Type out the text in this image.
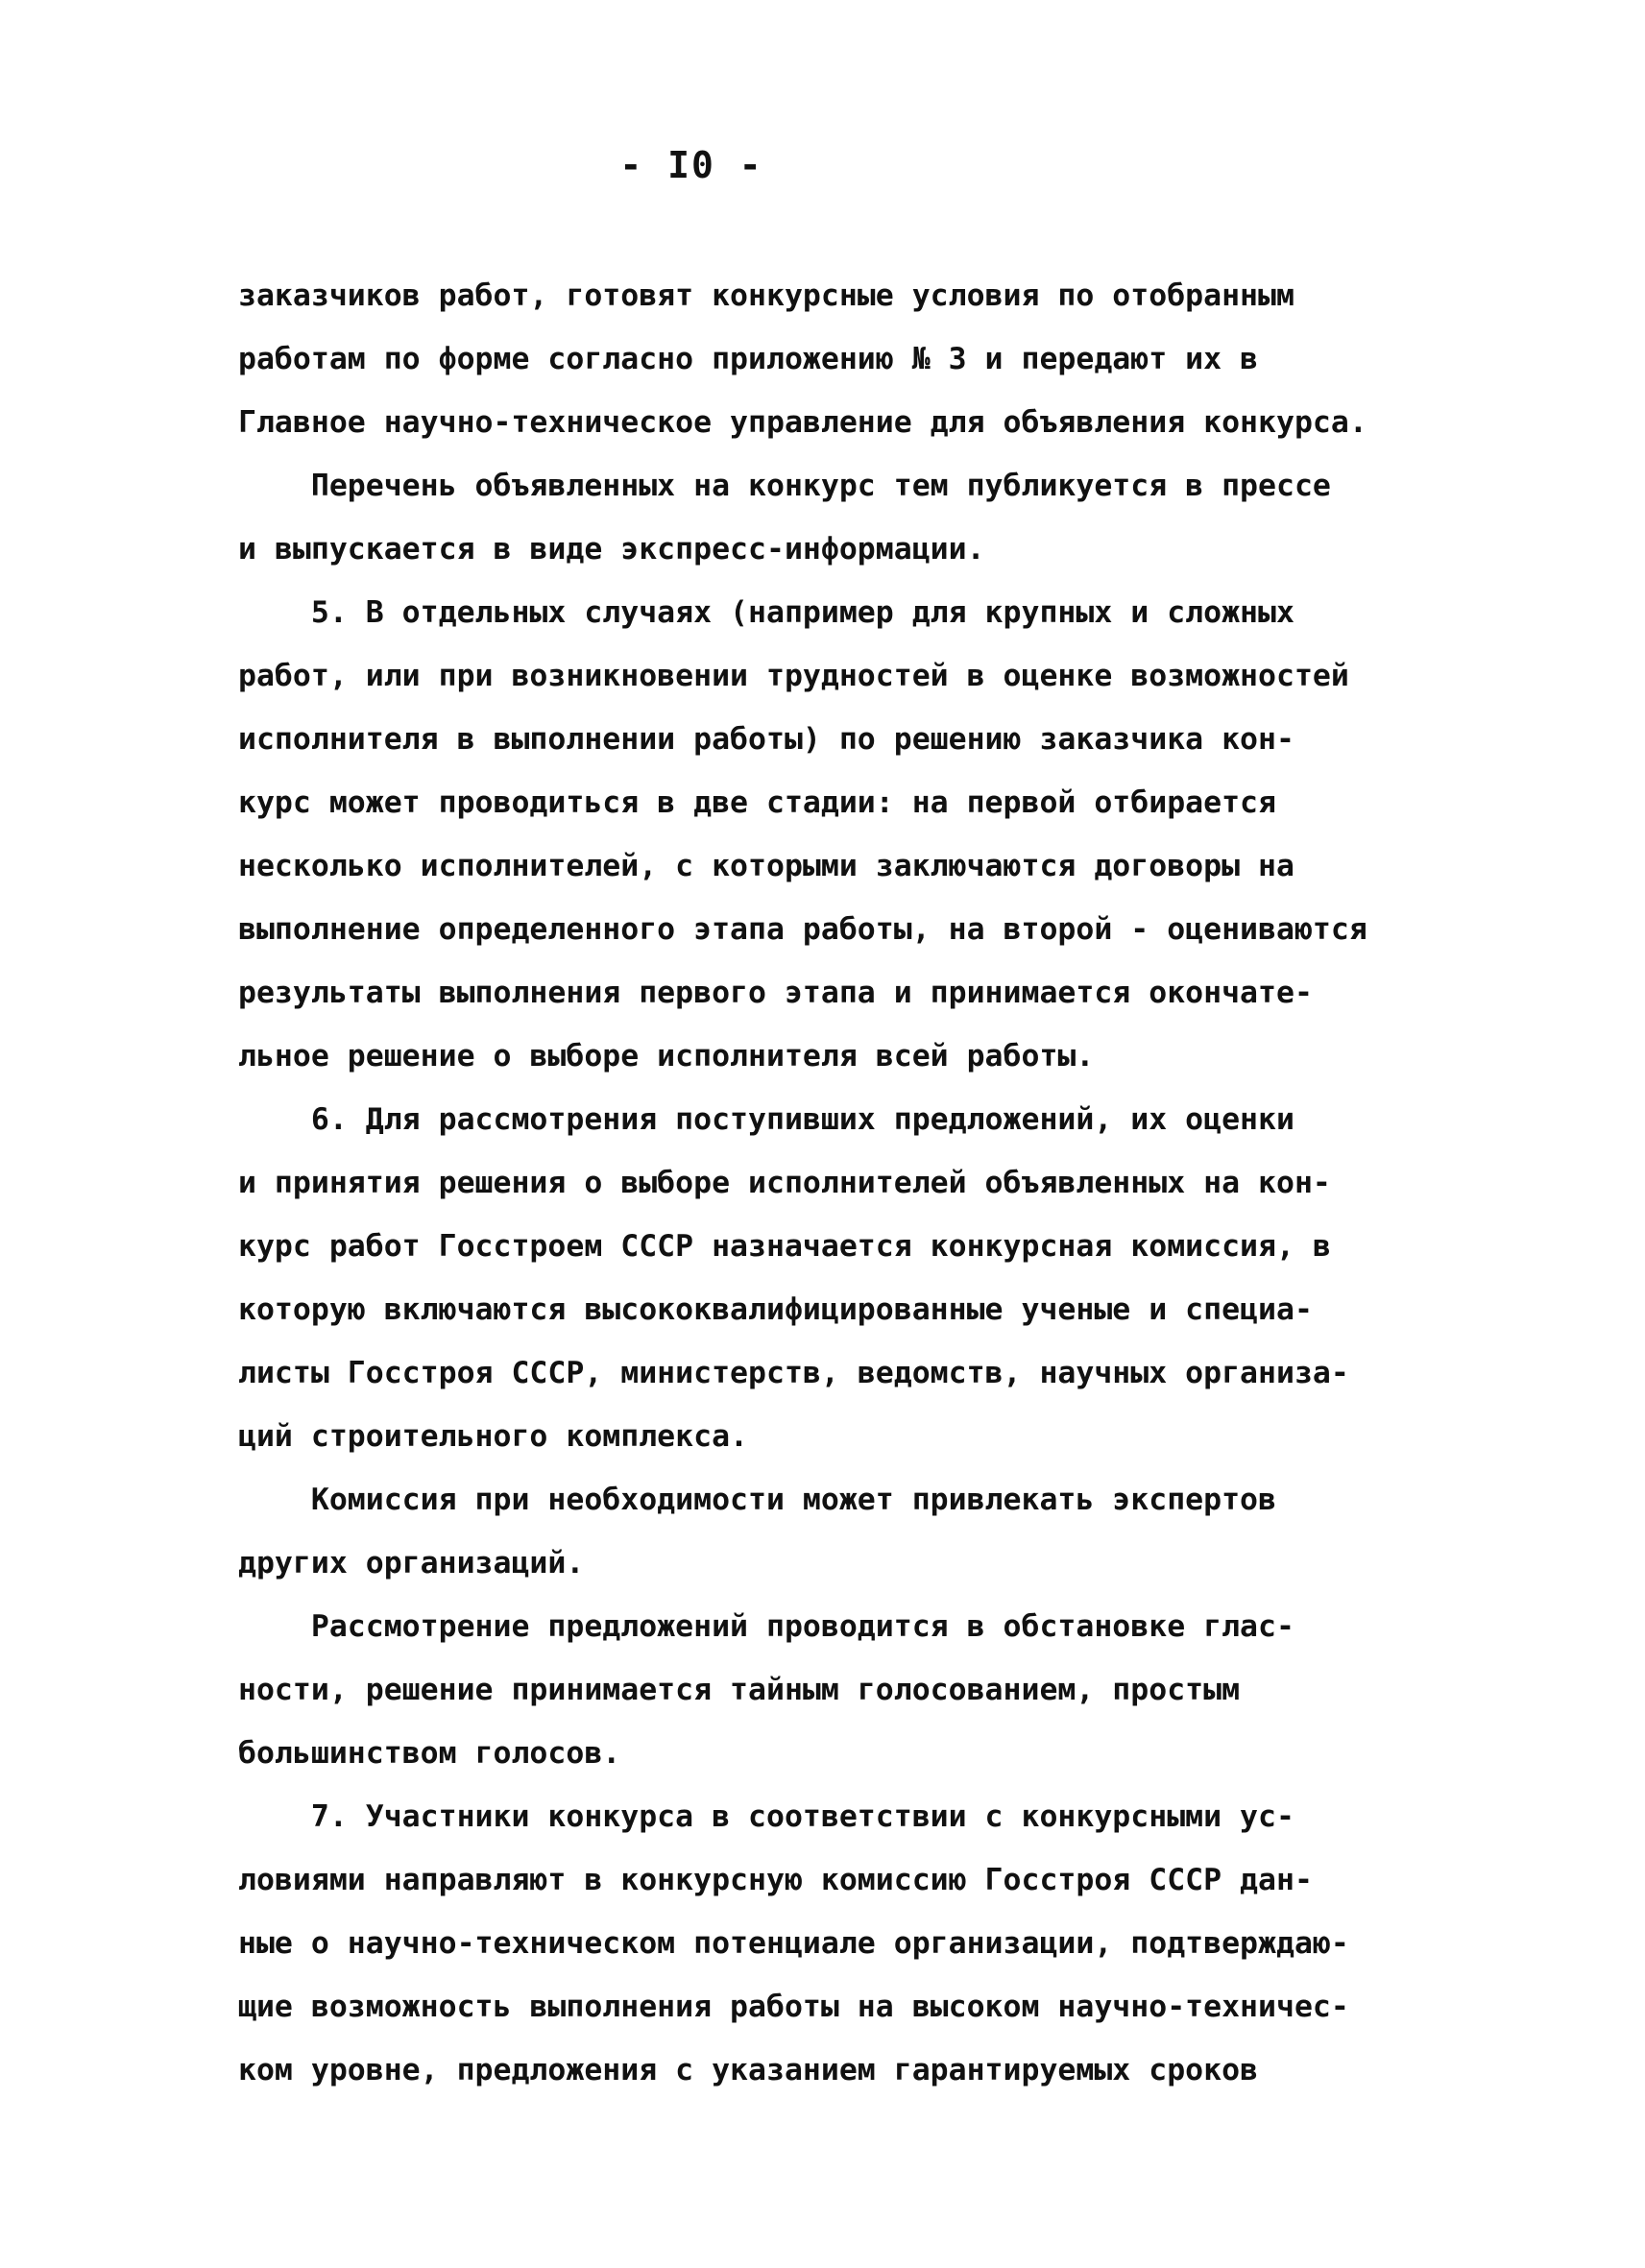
- I0 -
заказчиков работ, готовят конкурсные условия по отобранным
работам по форме согласно приложению № 3 и передают их в
Главное научно-техническое управление для объявления конкурса.
Перечень объявленных на конкурс тем публикуется в прессе
и выпускается в виде экспресс-информации.
5. В отдельных случаях (например для крупных и сложных
работ, или при возникновении трудностей в оценке возможностей
исполнителя в выполнении работы) по решению заказчика кон-
курс может проводиться в две стадии: на первой отбирается
несколько исполнителей, с которыми заключаются договоры на
выполнение определенного этапа работы, на второй - оцениваются
результаты выполнения первого этапа и принимается окончате-
льное решение о выборе исполнителя всей работы.
6. Для рассмотрения поступивших предложений, их оценки
и принятия решения о выборе исполнителей объявленных на кон-
курс работ Госстроем СССР назначается конкурсная комиссия, в
которую включаются высококвалифицированные ученые и специа-
листы Госстроя СССР, министерств, ведомств, научных организа-
ций строительного комплекса.
Комиссия при необходимости может привлекать экспертов
других организаций.
Рассмотрение предложений проводится в обстановке глас-
ности, решение принимается тайным голосованием, простым
большинством голосов.
7. Участники конкурса в соответствии с конкурсными ус-
ловиями направляют в конкурсную комиссию Госстроя СССР дан-
ные о научно-техническом потенциале организации, подтверждаю-
щие возможность выполнения работы на высоком научно-техничес-
ком уровне, предложения с указанием гарантируемых сроков
